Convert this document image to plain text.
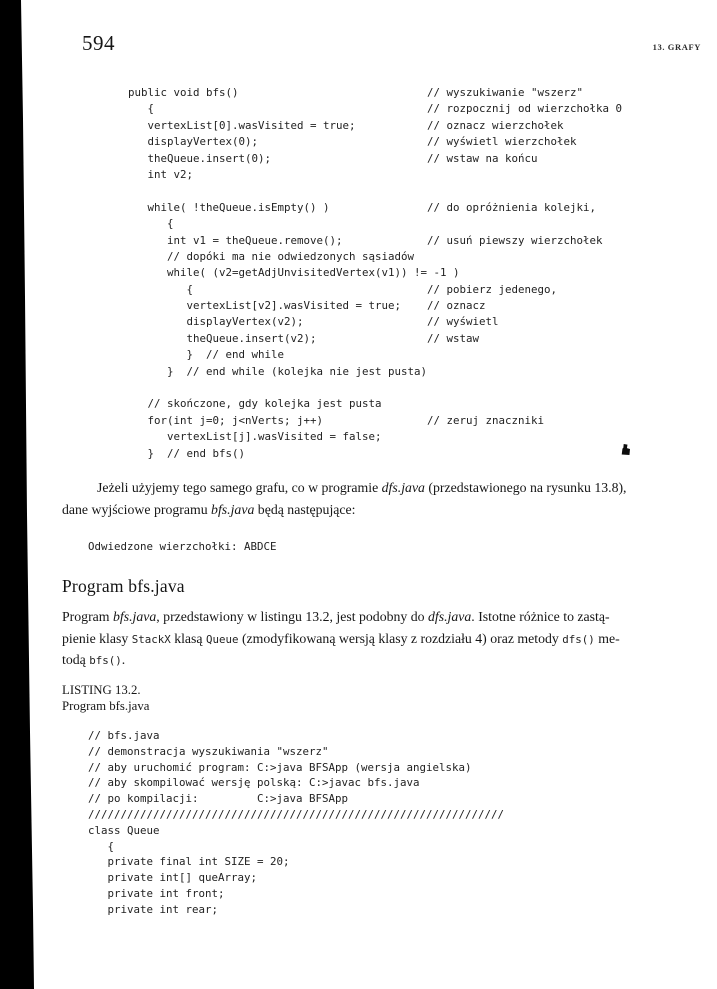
594	13. GRAFY
public void bfs()                             // wyszukiwanie "wszerz"
{                                          // rozpocznij od wierzchołka 0
vertexList[0].wasVisited = true;           // oznacz wierzchołek
displayVertex(0);                          // wyświetl wierzchołek
theQueue.insert(0);                        // wstaw na końcu
int v2;
while( !theQueue.isEmpty() )               // do opróżnienia kolejki,
{
int v1 = theQueue.remove();             // usuń piewszy wierzchołek
// dopóki ma nie odwiedzonych sąsiadów
while( (v2=getAdjUnvisitedVertex(v1)) != -1 )
{                                    // pobierz jedenego,
vertexList[v2].wasVisited = true;    // oznacz
displayVertex(v2);                   // wyświetl
theQueue.insert(v2);                 // wstaw
}  // end while
}  // end while (kolejka nie jest pusta)
// skończone, gdy kolejka jest pusta
for(int j=0; j<nVerts; j++)                // zeruj znaczniki
vertexList[j].wasVisited = false;
}  // end bfs()
Jeżeli użyjemy tego samego grafu, co w programie dfs.java (przedstawionego na rysunku 13.8),
dane wyjściowe programu bfs.java będą następujące:
Odwiedzone wierzchołki: ABDCE
Program bfs.java
Program bfs.java, przedstawiony w listingu 13.2, jest podobny do dfs.java. Istotne różnice to zastą-
pienie klasy StackX klasą Queue (zmodyfikowaną wersją klasy z rozdziału 4) oraz metody dfs() me-
todą bfs().
LISTING 13.2.
Program bfs.java
// bfs.java
// demonstracja wyszukiwania "wszerz"
// aby uruchomić program: C:>java BFSApp (wersja angielska)
// aby skompilować wersję polską: C:>javac bfs.java
// po kompilacji:         C:>java BFSApp
////////////////////////////////////////////////////////////////
class Queue
{
private final int SIZE = 20;
private int[] queArray;
private int front;
private int rear;
